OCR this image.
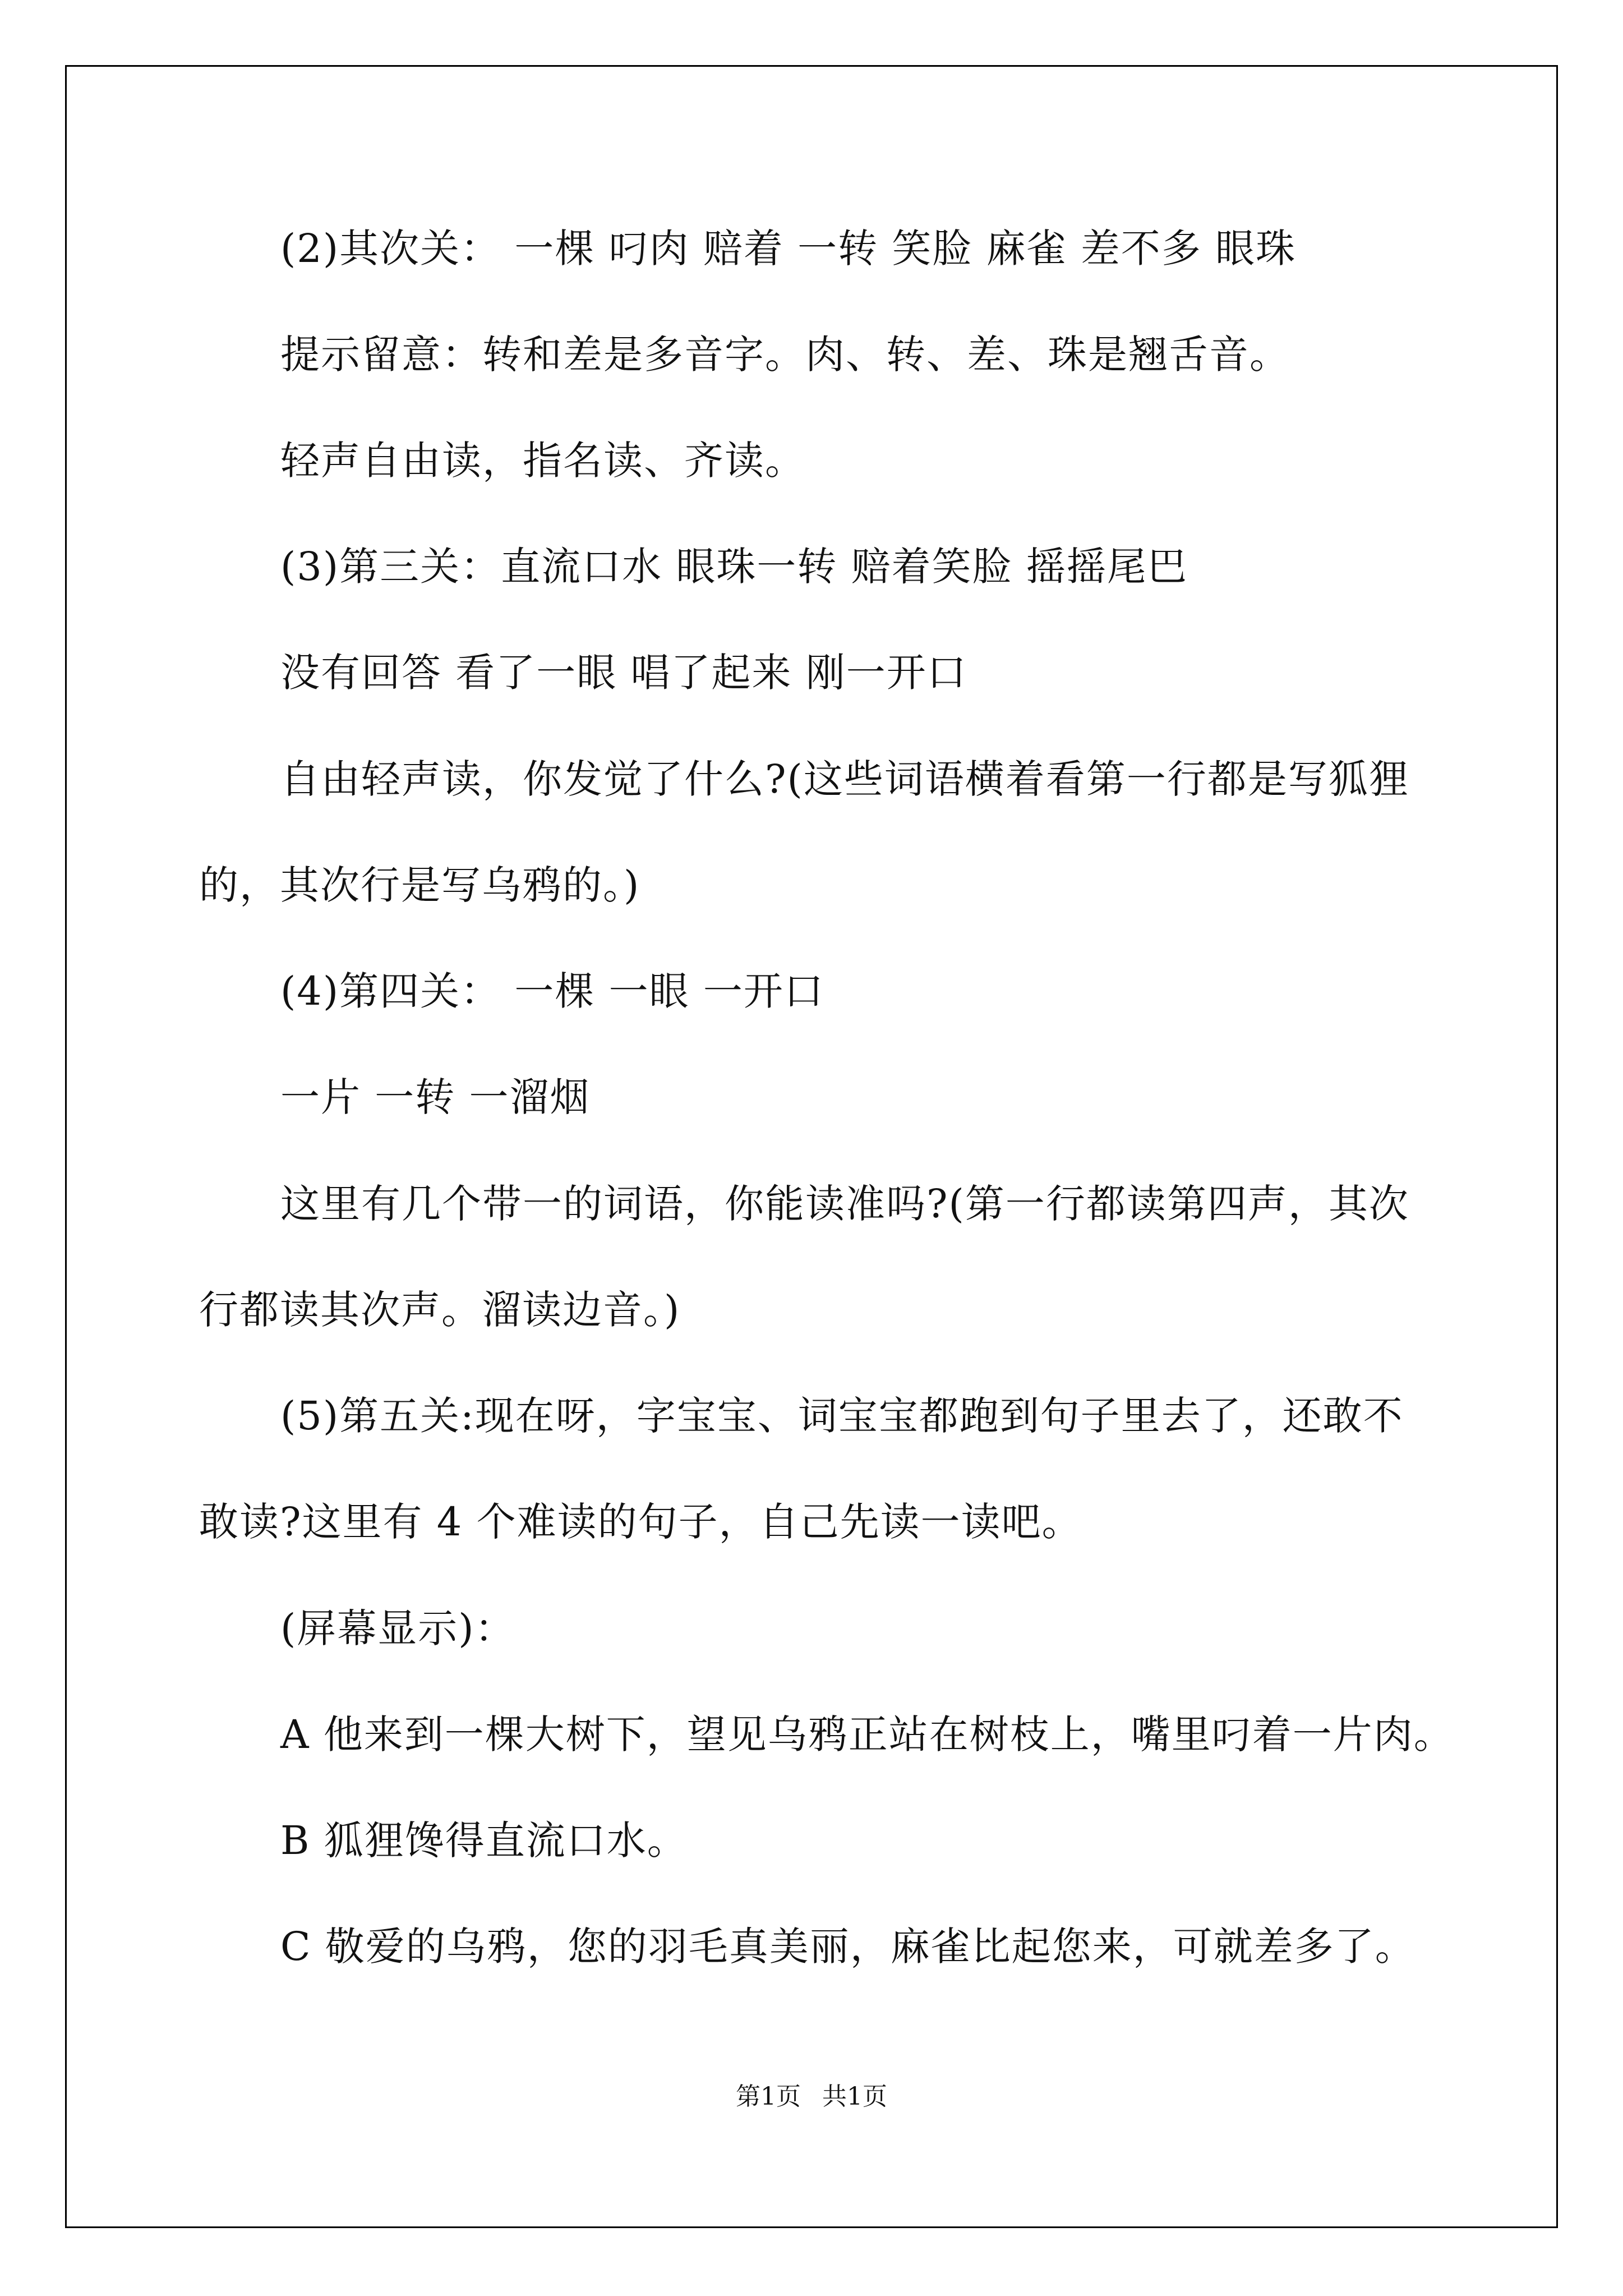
(2)其次关： 一棵 叼肉 赔着 一转 笑脸 麻雀 差不多 眼珠

提示留意：转和差是多音字。肉、转、差、珠是翘舌音。

轻声自由读，指名读、齐读。

(3)第三关：直流口水 眼珠一转 赔着笑脸 摇摇尾巴

没有回答 看了一眼 唱了起来 刚一开口

自由轻声读，你发觉了什么?(这些词语横着看第一行都是写狐狸

的，其次行是写乌鸦的。)

(4)第四关： 一棵 一眼 一开口

一片 一转 一溜烟

这里有几个带一的词语，你能读准吗?(第一行都读第四声，其次

行都读其次声。溜读边音。)

(5)第五关:现在呀，字宝宝、词宝宝都跑到句子里去了，还敢不

敢读?这里有 4 个难读的句子，自己先读一读吧。

(屏幕显示)：

A 他来到一棵大树下，望见乌鸦正站在树枝上，嘴里叼着一片肉。

B 狐狸馋得直流口水。

C 敬爱的乌鸦，您的羽毛真美丽，麻雀比起您来，可就差多了。

第1页 共1页
